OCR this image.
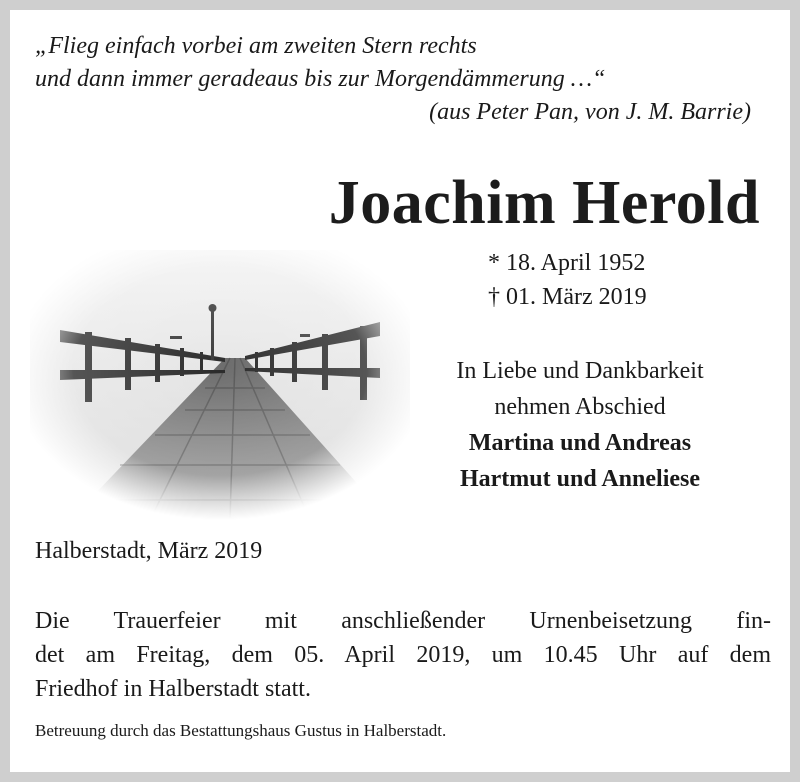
„Flieg einfach vorbei am zweiten Stern rechts
und dann immer geradeaus bis zur Morgendämmerung …“
(aus Peter Pan, von J. M. Barrie)
Joachim Herold
* 18. April 1952
† 01. März 2019
In Liebe und Dankbarkeit
nehmen Abschied
Martina und Andreas
Hartmut und Anneliese
Halberstadt, März 2019
Die Trauerfeier mit anschließender Urnenbeisetzung fin-
det am Freitag, dem 05. April 2019, um 10.45 Uhr auf dem
Friedhof in Halberstadt statt.
Betreuung durch das Bestattungshaus Gustus in Halberstadt.
